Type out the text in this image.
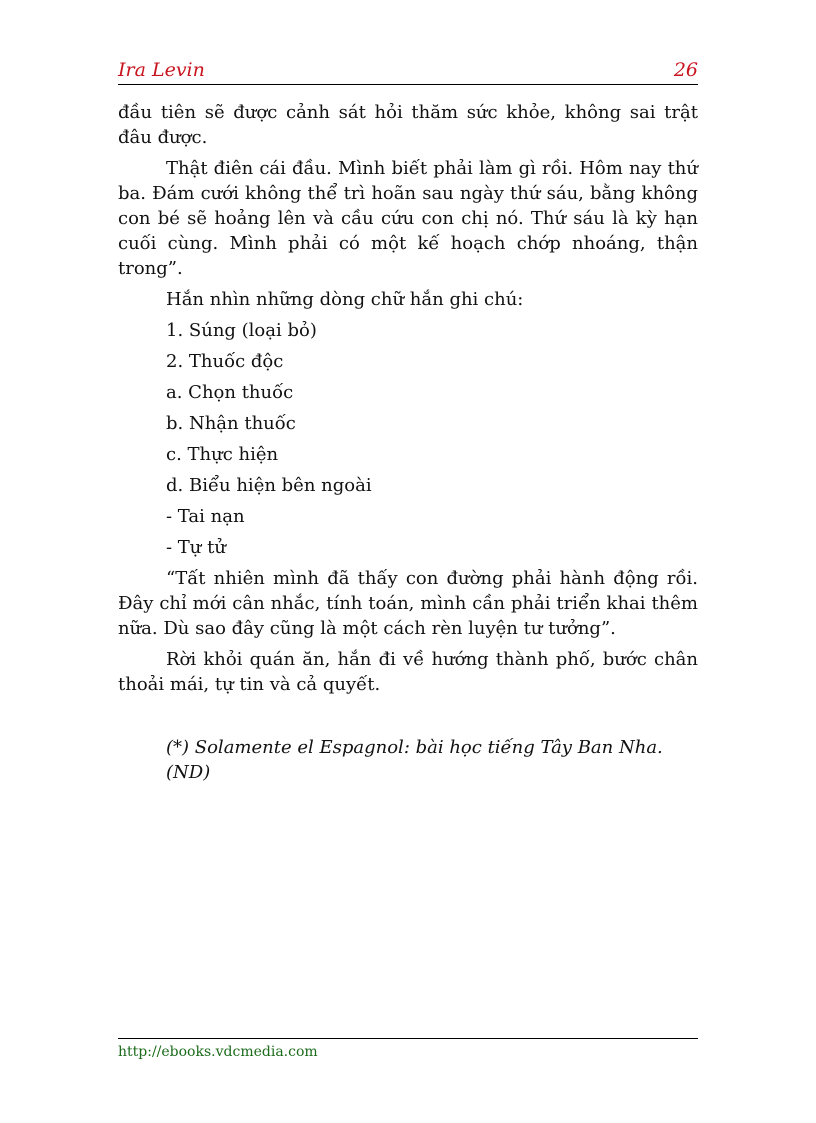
Ira Levin	26

đầu tiên sẽ được cảnh sát hỏi thăm sức khỏe, không sai trật đâu được.

Thật điên cái đầu. Mình biết phải làm gì rồi. Hôm nay thứ ba. Đám cưới không thể trì hoãn sau ngày thứ sáu, bằng không con bé sẽ hoảng lên và cầu cứu con chị nó. Thứ sáu là kỳ hạn cuối cùng. Mình phải có một kế hoạch chớp nhoáng, thận trong”.

Hắn nhìn những dòng chữ hắn ghi chú:

1. Súng (loại bỏ)
2. Thuốc độc
a. Chọn thuốc
b. Nhận thuốc
c. Thực hiện
d. Biểu hiện bên ngoài
- Tai nạn
- Tự tử

“Tất nhiên mình đã thấy con đường phải hành động rồi. Đây chỉ mới cân nhắc, tính toán, mình cần phải triển khai thêm nữa. Dù sao đây cũng là một cách rèn luyện tư tưởng”.

Rời khỏi quán ăn, hắn đi về hướng thành phố, bước chân thoải mái, tự tin và cả quyết.

(*) Solamente el Espagnol: bài học tiếng Tây Ban Nha. (ND)

http://ebooks.vdcmedia.com
